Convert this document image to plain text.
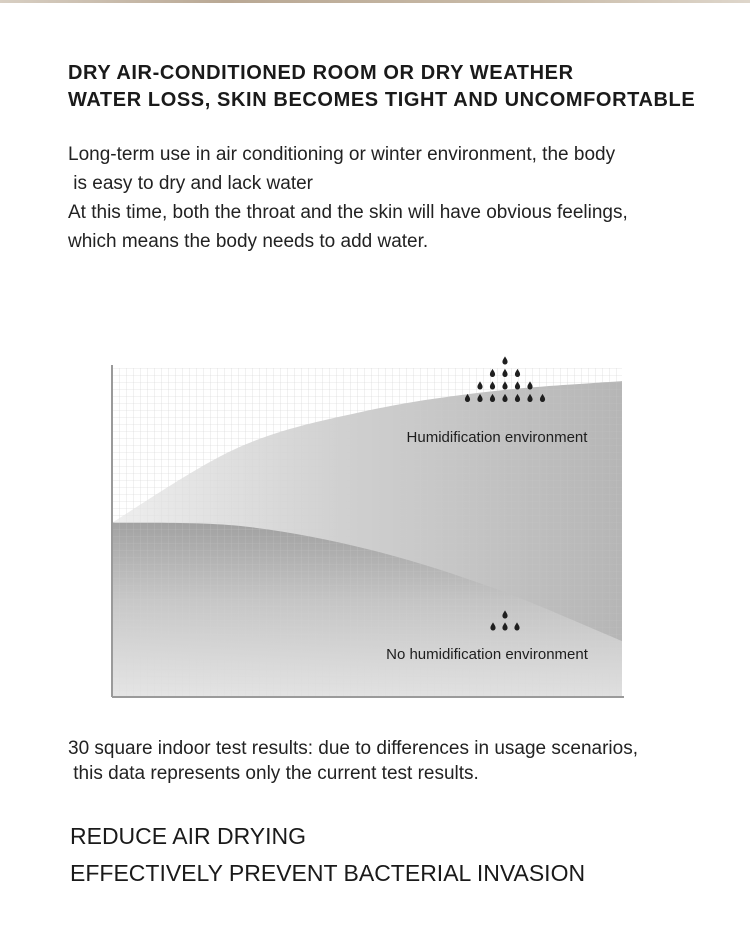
DRY AIR-CONDITIONED ROOM OR DRY WEATHER
WATER LOSS, SKIN BECOMES TIGHT AND UNCOMFORTABLE
Long-term use in air conditioning or winter environment, the body
is easy to dry and lack water
At this time, both the throat and the skin will have obvious feelings,
which means the body needs to add water.
Humidification environment
No humidification environment
30 square indoor test results: due to differences in usage scenarios,
this data represents only the current test results.
REDUCE AIR DRYING
EFFECTIVELY PREVENT BACTERIAL INVASION
